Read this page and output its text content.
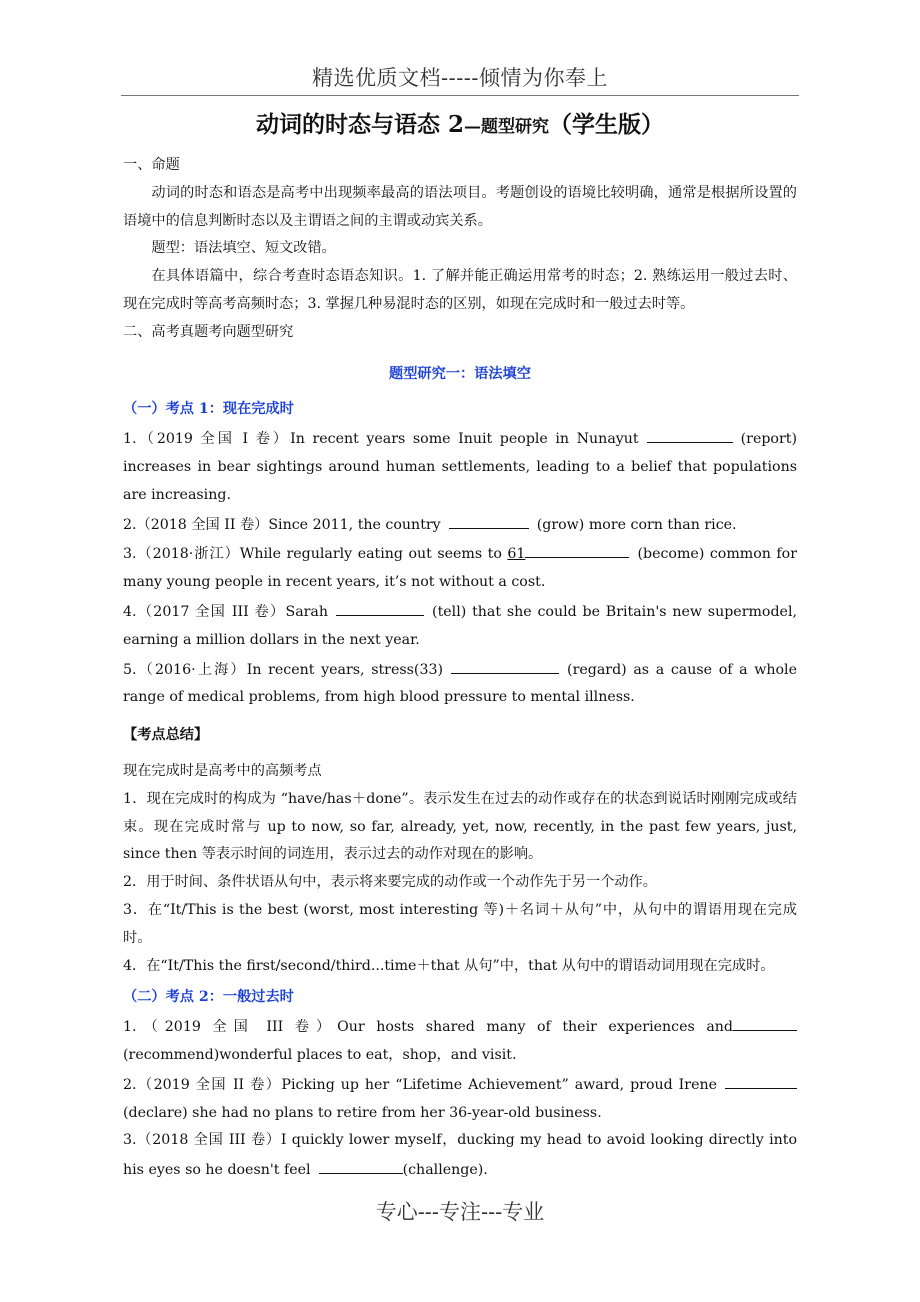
精选优质文档-----倾情为你奉上
动词的时态与语态 2—题型研究（学生版）

一、命题

动词的时态和语态是高考中出现频率最高的语法项目。考题创设的语境比较明确，通常是根据所设置的语境中的信息判断时态以及主谓语之间的主谓或动宾关系。

题型：语法填空、短文改错。

在具体语篇中，综合考查时态语态知识。1. 了解并能正确运用常考的时态；2. 熟练运用一般过去时、现在完成时等高考高频时态；3. 掌握几种易混时态的区别，如现在完成时和一般过去时等。

二、高考真题考向题型研究

题型研究一：语法填空

（一）考点 1：现在完成时

1.（2019 全国 I 卷）In recent years some Inuit people in Nunayut	(report) increases in bear sightings around human settlements, leading to a belief that populations are increasing.

2.（2018 全国 II 卷）Since 2011, the country	(grow) more corn than rice.

3.（2018·浙江）While regularly eating out seems to 61	(become) common for many young people in recent years, it’s not without a cost.

4.（2017 全国 III 卷）Sarah	(tell) that she could be Britain's new supermodel, earning a million dollars in the next year.

5.（2016·上海）In recent years, stress(33)	(regard) as a cause of a whole range of medical problems, from high blood pressure to mental illness.

【考点总结】

现在完成时是高考中的高频考点

1．现在完成时的构成为 “have/has＋done”。表示发生在过去的动作或存在的状态到说话时刚刚完成或结束。现在完成时常与 up to now, so far, already, yet, now, recently, in the past few years, just, since then 等表示时间的词连用，表示过去的动作对现在的影响。

2．用于时间、条件状语从句中，表示将来要完成的动作或一个动作先于另一个动作。

3．在“It/This is the best (worst, most interesting 等)＋名词＋从句”中，从句中的谓语用现在完成时。

4．在“It/This the first/second/third...time＋that 从句”中，that 从句中的谓语动词用现在完成时。

（二）考点 2：一般过去时

1.（2019 全国 III 卷）Our hosts shared many of their experiences and(recommend)wonderful places to eat，shop，and visit.

2.（2019 全国 II 卷）Picking up her “Lifetime Achievement” award, proud Irene(declare) she had no plans to retire from her 36-year-old business.

3.（2018 全国 III 卷）I quickly lower myself，ducking my head to avoid looking directly into his eyes so he doesn't feel	(challenge).

专心---专注---专业
